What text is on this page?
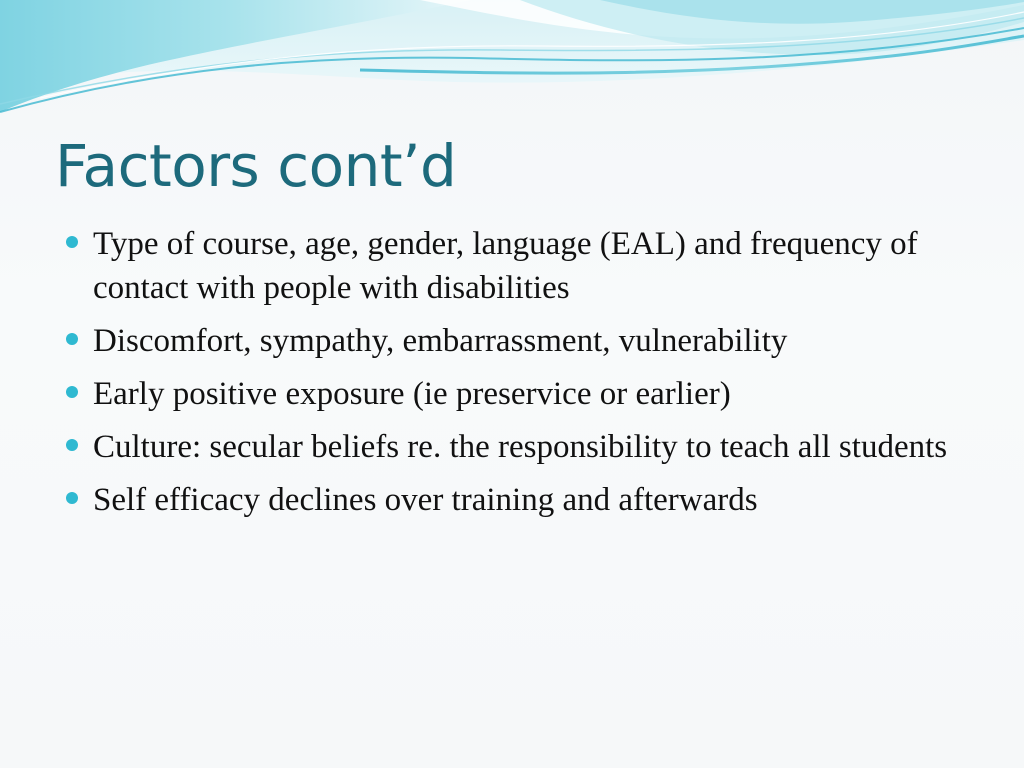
Factors cont’d
Type of course, age, gender, language (EAL) and frequency of contact with people with disabilities
Discomfort, sympathy, embarrassment, vulnerability
Early positive exposure (ie preservice or earlier)
Culture: secular beliefs re. the responsibility to teach all students
Self efficacy declines over training and afterwards
